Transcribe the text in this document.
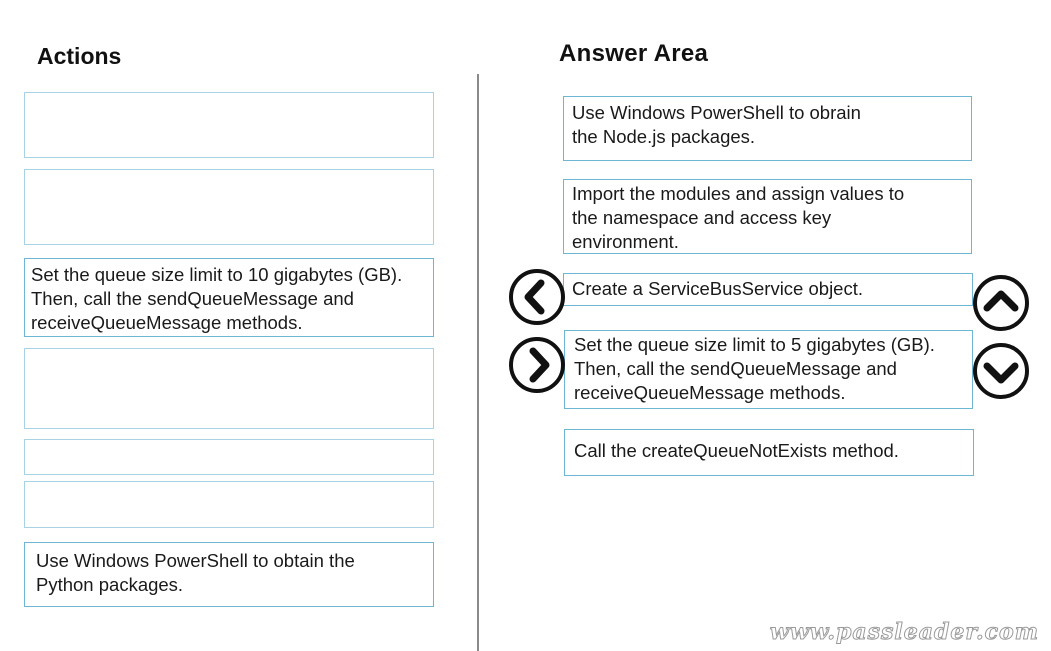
Actions	Answer Area
Set the queue size limit to 10 gigabytes (GB).
Then, call the sendQueueMessage and
receiveQueueMessage methods.
Use Windows PowerShell to obtain the
Python packages.
Use Windows PowerShell to obrain
the Node.js packages.
Import the modules and assign values to
the namespace and access key
environment.
Create a ServiceBusService object.
Set the queue size limit to 5 gigabytes (GB).
Then, call the sendQueueMessage and
receiveQueueMessage methods.
Call the createQueueNotExists method.
www.passleader.com
